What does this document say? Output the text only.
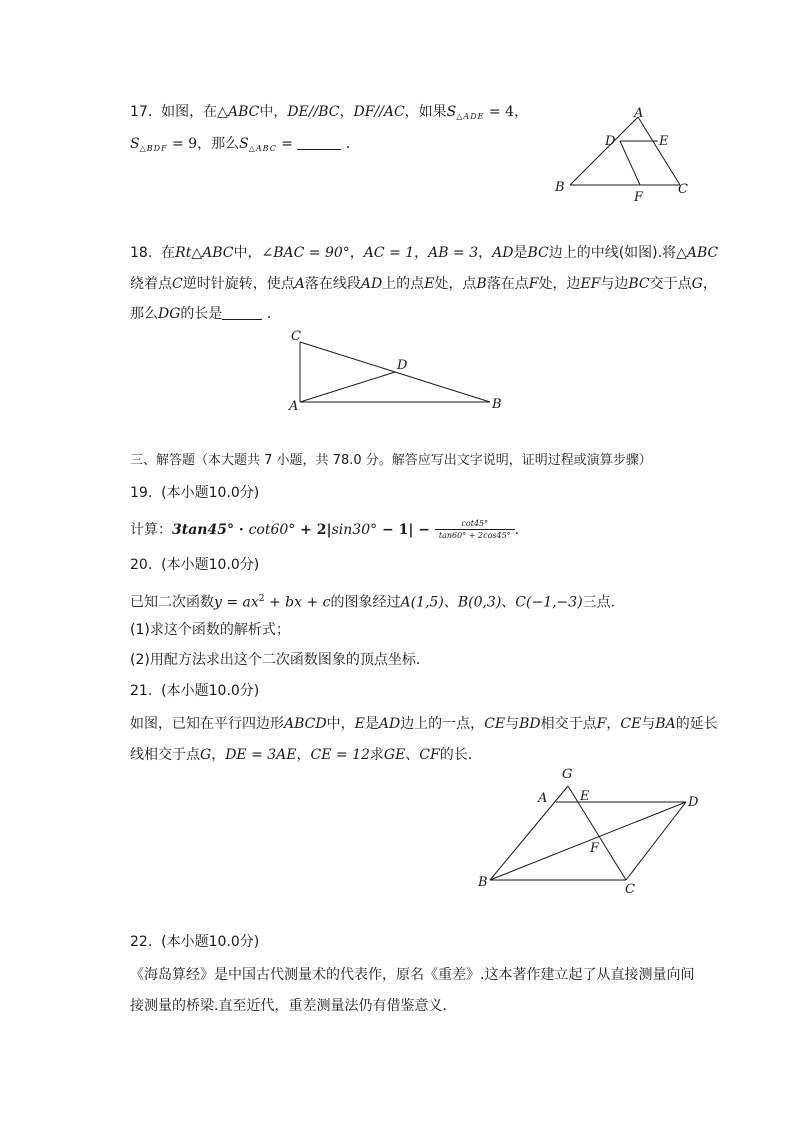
17. 如图，在△ABC中，DE//BC，DF//AC，如果$S_{\triangle ADE} = 4$，
$S_{\triangle BDF} = 9$，那么$S_{\triangle ABC}$ =	．
A
D	E
B
F
C
18. 在Rt△ABC中，∠BAC = 90°，AC = 1，AB = 3，AD是BC边上的中线(如图).将△ABC
绕着点C逆时针旋转，使点A落在线段AD上的点E处，点B落在点F处，边EF与边BC交于点G，
那么DG的长是	．
C
D
A	B
三、解答题（本大题共 7 小题，共 78.0 分。解答应写出文字说明，证明过程或演算步骤）
19. (本小题10.0分)
计算：$3\tan 45^\circ \cdot \cot 60^\circ + 2|\sin 30^\circ - 1| - \frac{\cot 45^\circ}{\tan 60^\circ + 2\cos 45^\circ}$ .
20. (本小题10.0分)
已知二次函数$y = ax^2$ + bx + c的图象经过A(1,5)、B(0,3)、C(−1,−3)三点．
(1)求这个函数的解析式；
(2)用配方法求出这个二次函数图象的顶点坐标．
21. (本小题10.0分)
如图，已知在平行四边形ABCD中，E是AD边上的一点，CE与BD相交于点F，CE与BA的延长
线相交于点G，DE = 3AE，CE = 12求GE、CF的长．
G
A	E	D
F
B	C
22. (本小题10.0分)
《海岛算经》是中国古代测量术的代表作，原名《重差》.这本著作建立起了从直接测量向间
接测量的桥梁.直至近代，重差测量法仍有借鉴意义．
